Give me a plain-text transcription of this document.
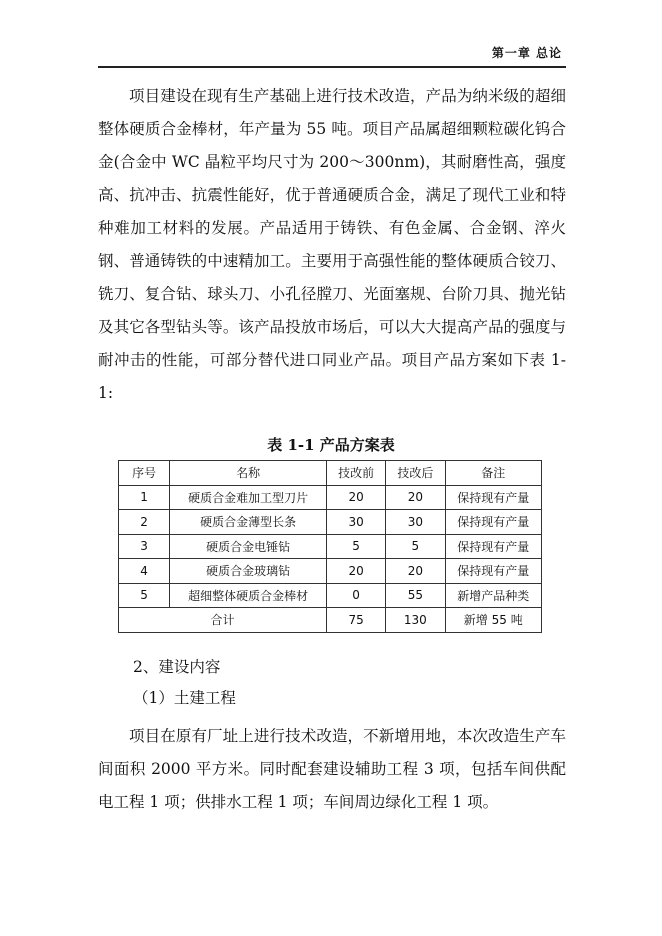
第一章 总论

项目建设在现有生产基础上进行技术改造，产品为纳米级的超细整体硬质合金棒材，年产量为 55 吨。项目产品属超细颗粒碳化钨合金(合金中 WC 晶粒平均尺寸为 200～300nm)，其耐磨性高，强度高、抗冲击、抗震性能好，优于普通硬质合金，满足了现代工业和特种难加工材料的发展。产品适用于铸铁、有色金属、合金钢、淬火钢、普通铸铁的中速精加工。主要用于高强性能的整体硬质合铰刀、铣刀、复合钻、球头刀、小孔径膛刀、光面塞规、台阶刀具、抛光钻及其它各型钻头等。该产品投放市场后，可以大大提高产品的强度与耐冲击的性能，可部分替代进口同业产品。项目产品方案如下表 1-1:

表 1-1 产品方案表
序号	名称	技改前	技改后	备注
1	硬质合金难加工型刀片	20	20	保持现有产量
2	硬质合金薄型长条	30	30	保持现有产量
3	硬质合金电锤钻	5	5	保持现有产量
4	硬质合金玻璃钻	20	20	保持现有产量
5	超细整体硬质合金棒材	0	55	新增产品种类
合计		75	130	新增 55 吨
2、建设内容
（1）土建工程

项目在原有厂址上进行技术改造，不新增用地，本次改造生产车间面积 2000 平方米。同时配套建设辅助工程 3 项，包括车间供配电工程 1 项；供排水工程 1 项；车间周边绿化工程 1 项。
